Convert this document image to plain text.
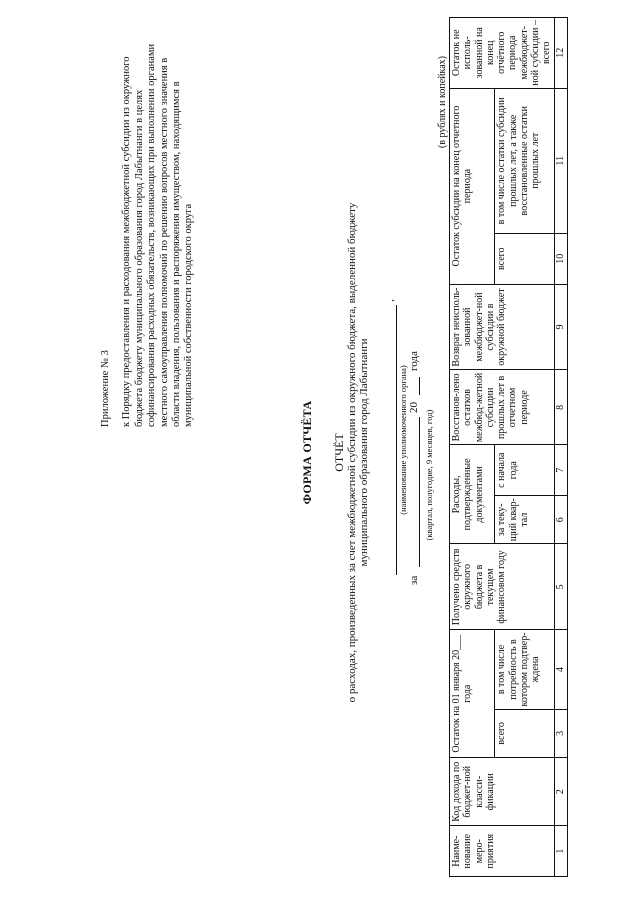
Приложение № 3 к Порядку предоставления и расходования межбюджетной субсидии из окружного бюджета бюджету муниципального образования город Лабытнанги в целях софинансирования расходных обязательств, возникающих при выполнении органами местного самоуправления полномочий по решению вопросов местного значения в области владения, пользования и распоряжения имуществом, находящимся в муниципальной собственности городского округа
ФОРМА ОТЧЁТА ОТЧЁТ о расходах, произведенных за счет межбюджетной субсидии из окружного бюджета, выделенной бюджету муниципального образования город Лабытнанги
,
(наименование уполномоченного органа)
за
20
года
(квартал, полугодие, 9 месяцев, год)
(в рублях и копейках)
Наиме-нование меро-приятия	Код дохода по бюджет-ной класси-фикации	Остаток на 01 января 20___ года		Получено средств окружного бюджета в текущем финансовом году	Расходы, подтвержденные документами		Восстанов-лено остатков межбюд-жетной субсидии прошлых лет в отчетном периоде	Возврат неисполь-зованной межбюджет-ной субсидии в окружной бюджет	Остаток субсидии на конец отчетного периода		Остаток не исполь-зованной на конец отчётного периода межбюджет-ной субсидии – всего
		всего	в том числе потребность в котором подтвер-ждена		за теку-щий квар-тал	с начала года			всего	в том числе остатки субсидии прошлых лет, а также восстановленные остатки прошлых лет	
1	2	3	4	5	6	7	8	9	10	11	12
